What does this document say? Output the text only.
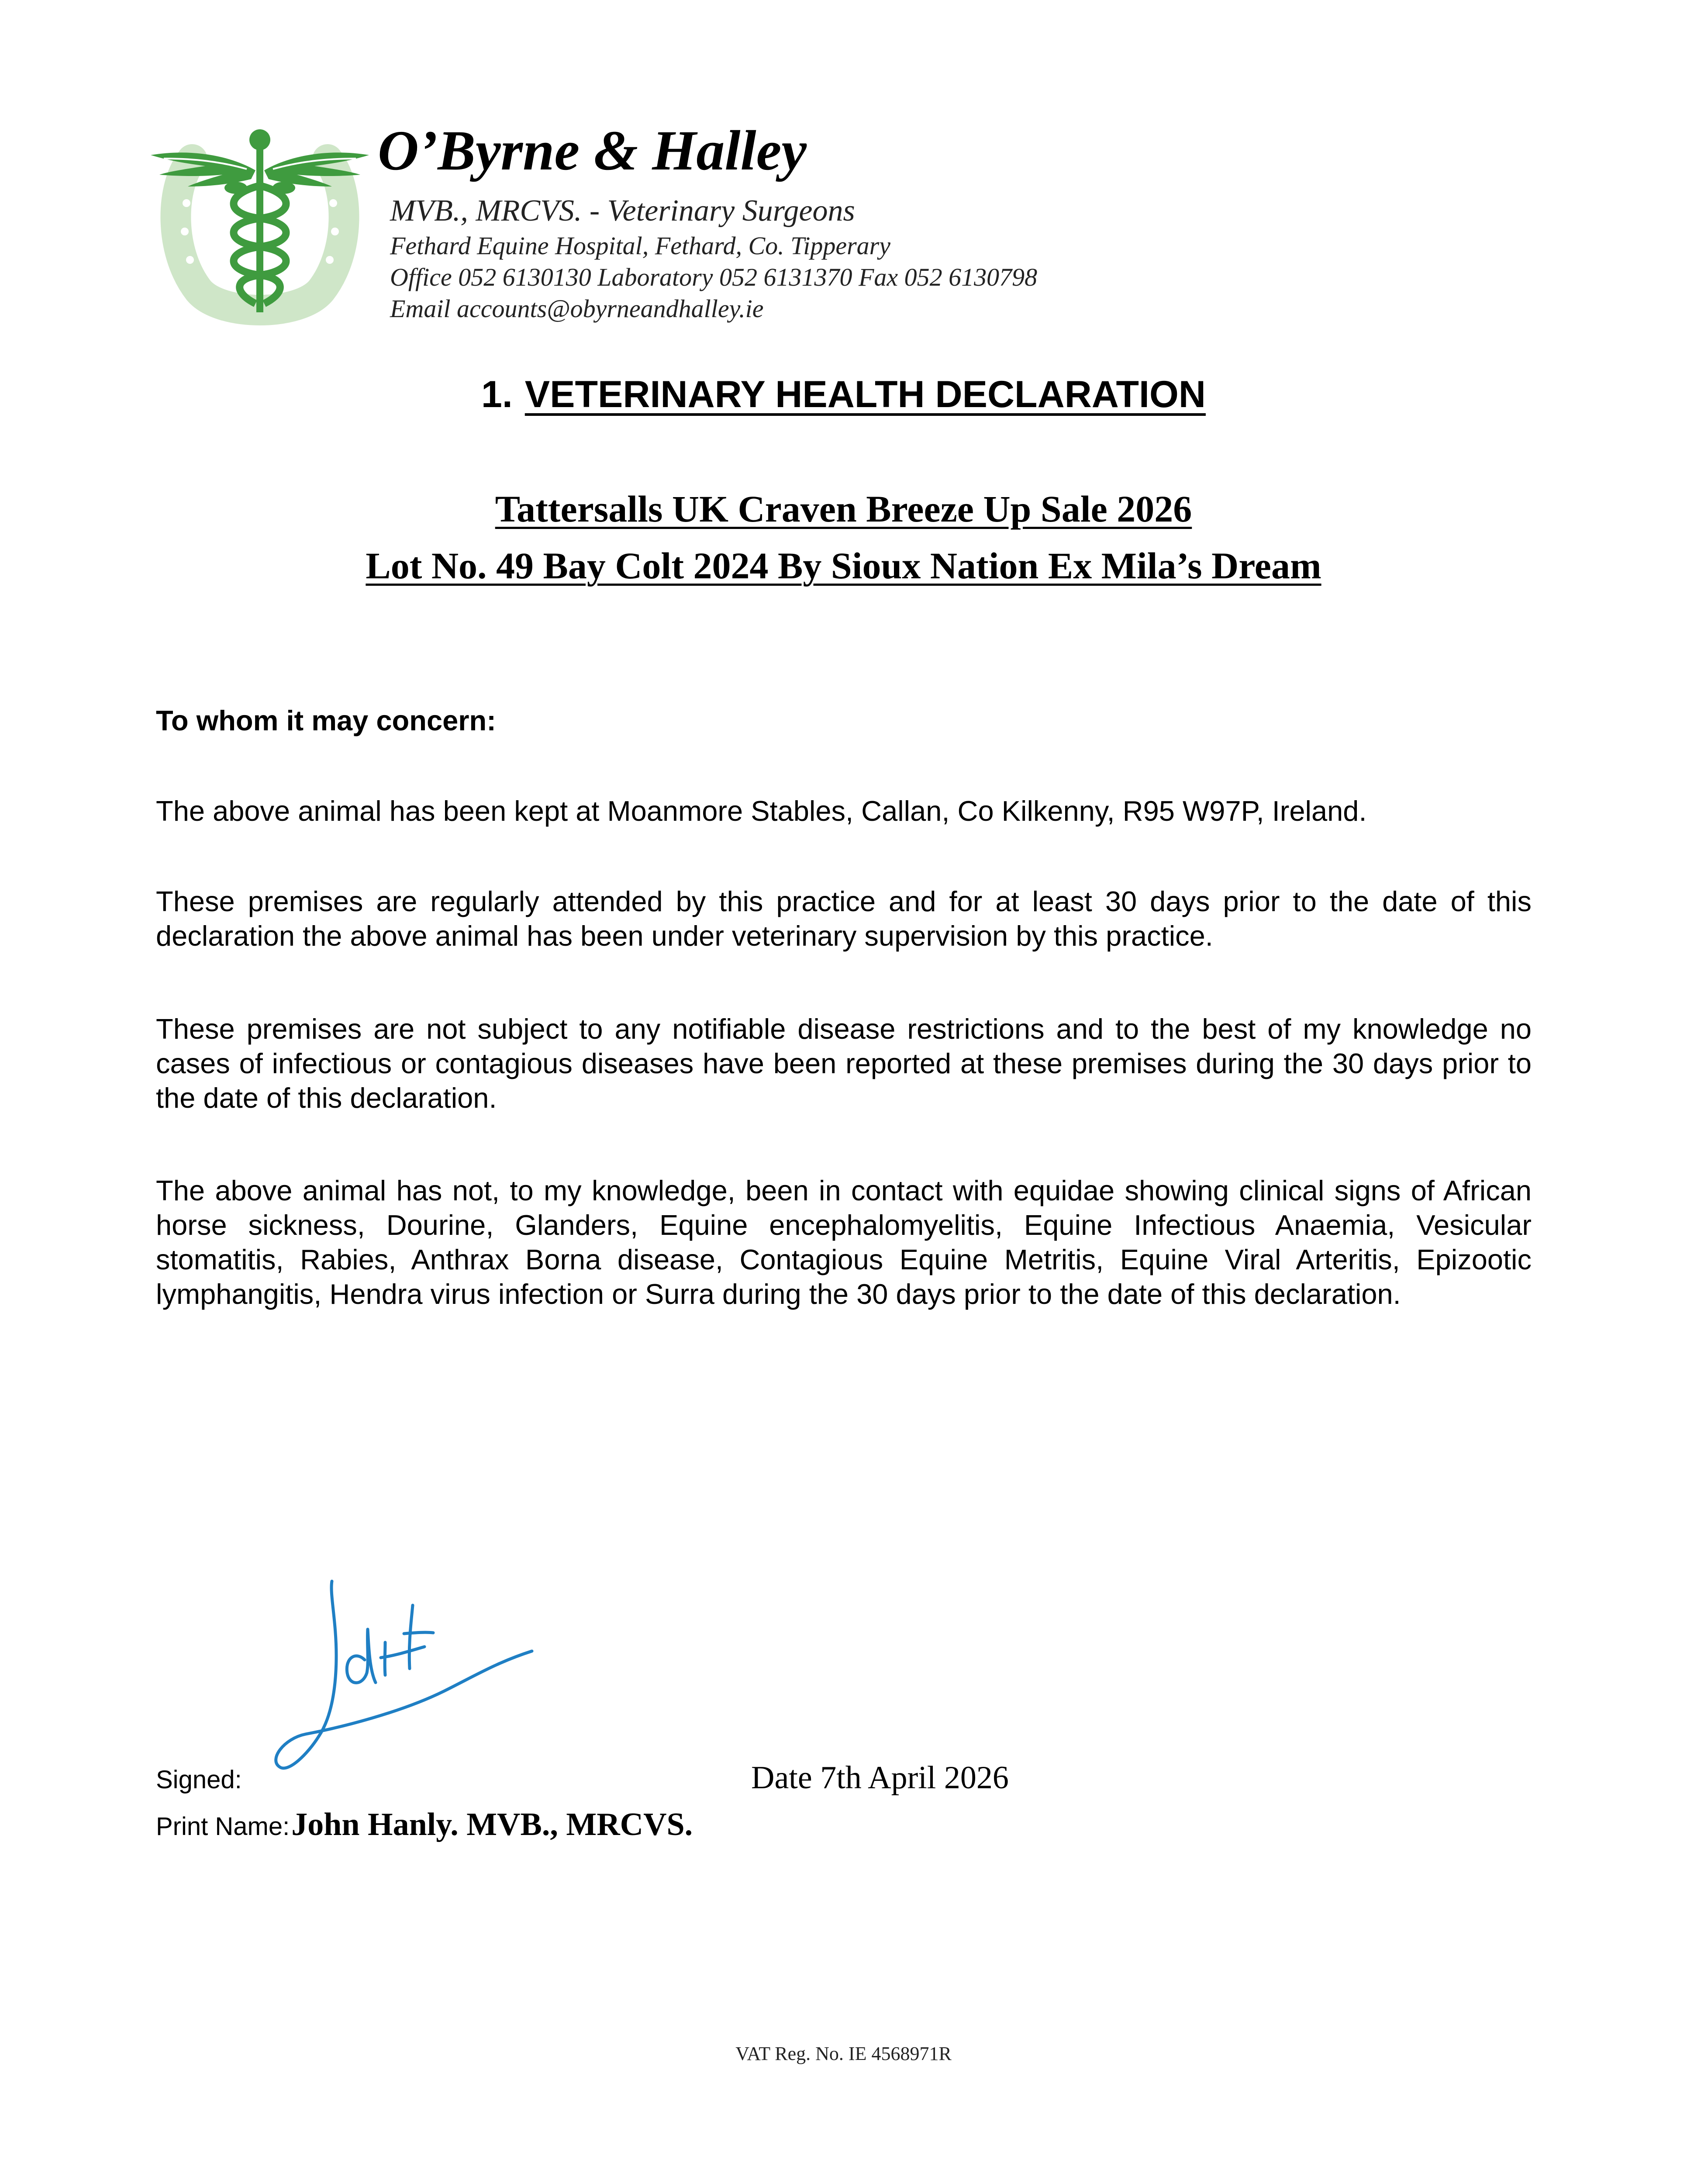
O’Byrne & Halley
MVB., MRCVS. - Veterinary Surgeons
Fethard Equine Hospital, Fethard, Co. Tipperary
Office 052 6130130 Laboratory 052 6131370 Fax 052 6130798
Email accounts@obyrneandhalley.ie
1. VETERINARY HEALTH DECLARATION
Tattersalls UK Craven Breeze Up Sale 2026
Lot No. 49 Bay Colt 2024 By Sioux Nation Ex Mila’s Dream
To whom it may concern:
The above animal has been kept at Moanmore Stables, Callan, Co Kilkenny, R95 W97P, Ireland.
These premises are regularly attended by this practice and for at least 30 days prior to the date of this declaration the above animal has been under veterinary supervision by this practice.
These premises are not subject to any notifiable disease restrictions and to the best of my knowledge no cases of infectious or contagious diseases have been reported at these premises during the 30 days prior to the date of this declaration.
The above animal has not, to my knowledge, been in contact with equidae showing clinical signs of African horse sickness, Dourine, Glanders, Equine encephalomyelitis, Equine Infectious Anaemia, Vesicular stomatitis, Rabies, Anthrax Borna disease, Contagious Equine Metritis, Equine Viral Arteritis, Epizootic lymphangitis, Hendra virus infection or Surra during the 30 days prior to the date of this declaration.
Signed:	Date 7th April 2026
Print Name: John Hanly. MVB., MRCVS.
VAT Reg. No. IE 4568971R
